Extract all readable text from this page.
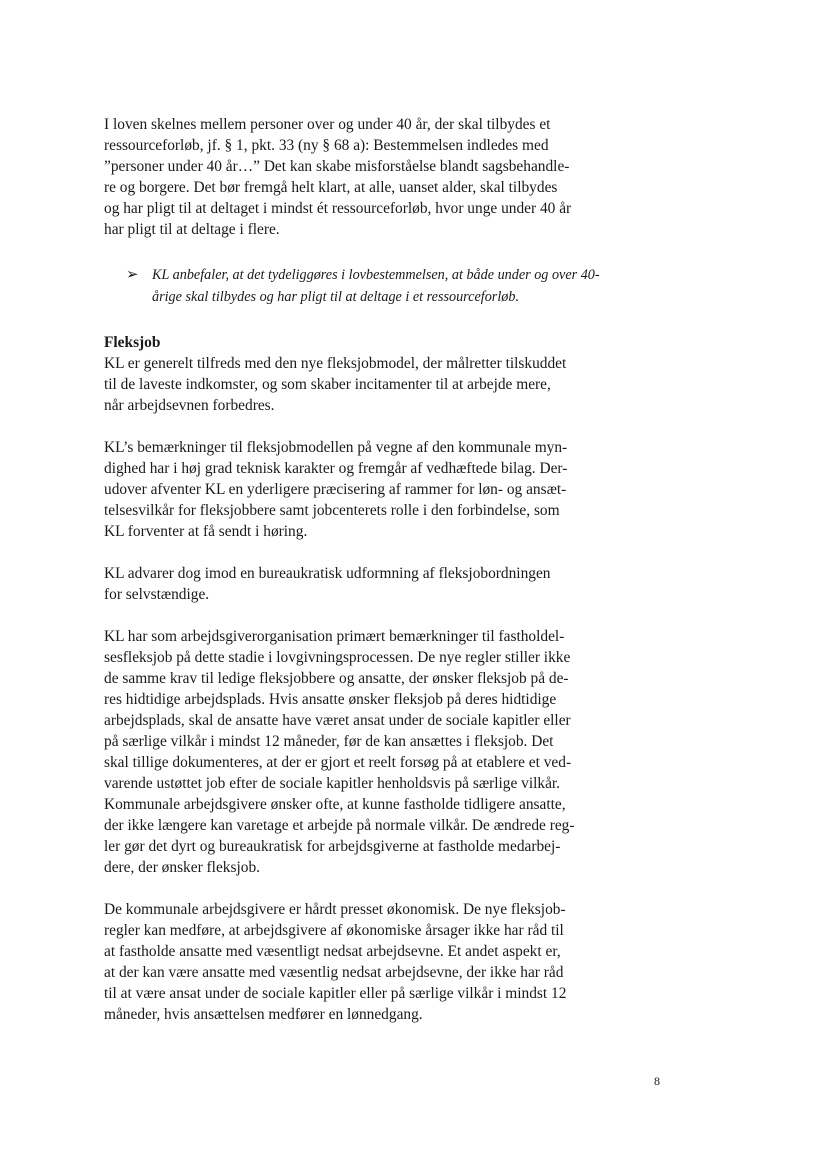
I loven skelnes mellem personer over og under 40 år, der skal tilbydes et
ressourceforløb, jf. § 1, pkt. 33 (ny § 68 a): Bestemmelsen indledes med
”personer under 40 år…” Det kan skabe misforståelse blandt sagsbehandle-
re og borgere. Det bør fremgå helt klart, at alle, uanset alder, skal tilbydes
og har pligt til at deltaget i mindst ét ressourceforløb, hvor unge under 40 år
har pligt til at deltage i flere.

➢ KL anbefaler, at det tydeliggøres i lovbestemmelsen, at både under og over 40-
årige skal tilbydes og har pligt til at deltage i et ressourceforløb.

Fleksjob

KL er generelt tilfreds med den nye fleksjobmodel, der målretter tilskuddet
til de laveste indkomster, og som skaber incitamenter til at arbejde mere,
når arbejdsevnen forbedres.

KL’s bemærkninger til fleksjobmodellen på vegne af den kommunale myn-
dighed har i høj grad teknisk karakter og fremgår af vedhæftede bilag. Der-
udover afventer KL en yderligere præcisering af rammer for løn- og ansæt-
telsesvilkår for fleksjobbere samt jobcenterets rolle i den forbindelse, som
KL forventer at få sendt i høring.

KL advarer dog imod en bureaukratisk udformning af fleksjobordningen
for selvstændige.

KL har som arbejdsgiverorganisation primært bemærkninger til fastholdel-
sesfleksjob på dette stadie i lovgivningsprocessen. De nye regler stiller ikke
de samme krav til ledige fleksjobbere og ansatte, der ønsker fleksjob på de-
res hidtidige arbejdsplads. Hvis ansatte ønsker fleksjob på deres hidtidige
arbejdsplads, skal de ansatte have været ansat under de sociale kapitler eller
på særlige vilkår i mindst 12 måneder, før de kan ansættes i fleksjob. Det
skal tillige dokumenteres, at der er gjort et reelt forsøg på at etablere et ved-
varende ustøttet job efter de sociale kapitler henholdsvis på særlige vilkår.
Kommunale arbejdsgivere ønsker ofte, at kunne fastholde tidligere ansatte,
der ikke længere kan varetage et arbejde på normale vilkår. De ændrede reg-
ler gør det dyrt og bureaukratisk for arbejdsgiverne at fastholde medarbej-
dere, der ønsker fleksjob.

De kommunale arbejdsgivere er hårdt presset økonomisk. De nye fleksjob-
regler kan medføre, at arbejdsgivere af økonomiske årsager ikke har råd til
at fastholde ansatte med væsentligt nedsat arbejdsevne. Et andet aspekt er,
at der kan være ansatte med væsentlig nedsat arbejdsevne, der ikke har råd
til at være ansat under de sociale kapitler eller på særlige vilkår i mindst 12
måneder, hvis ansættelsen medfører en lønnedgang.

8
